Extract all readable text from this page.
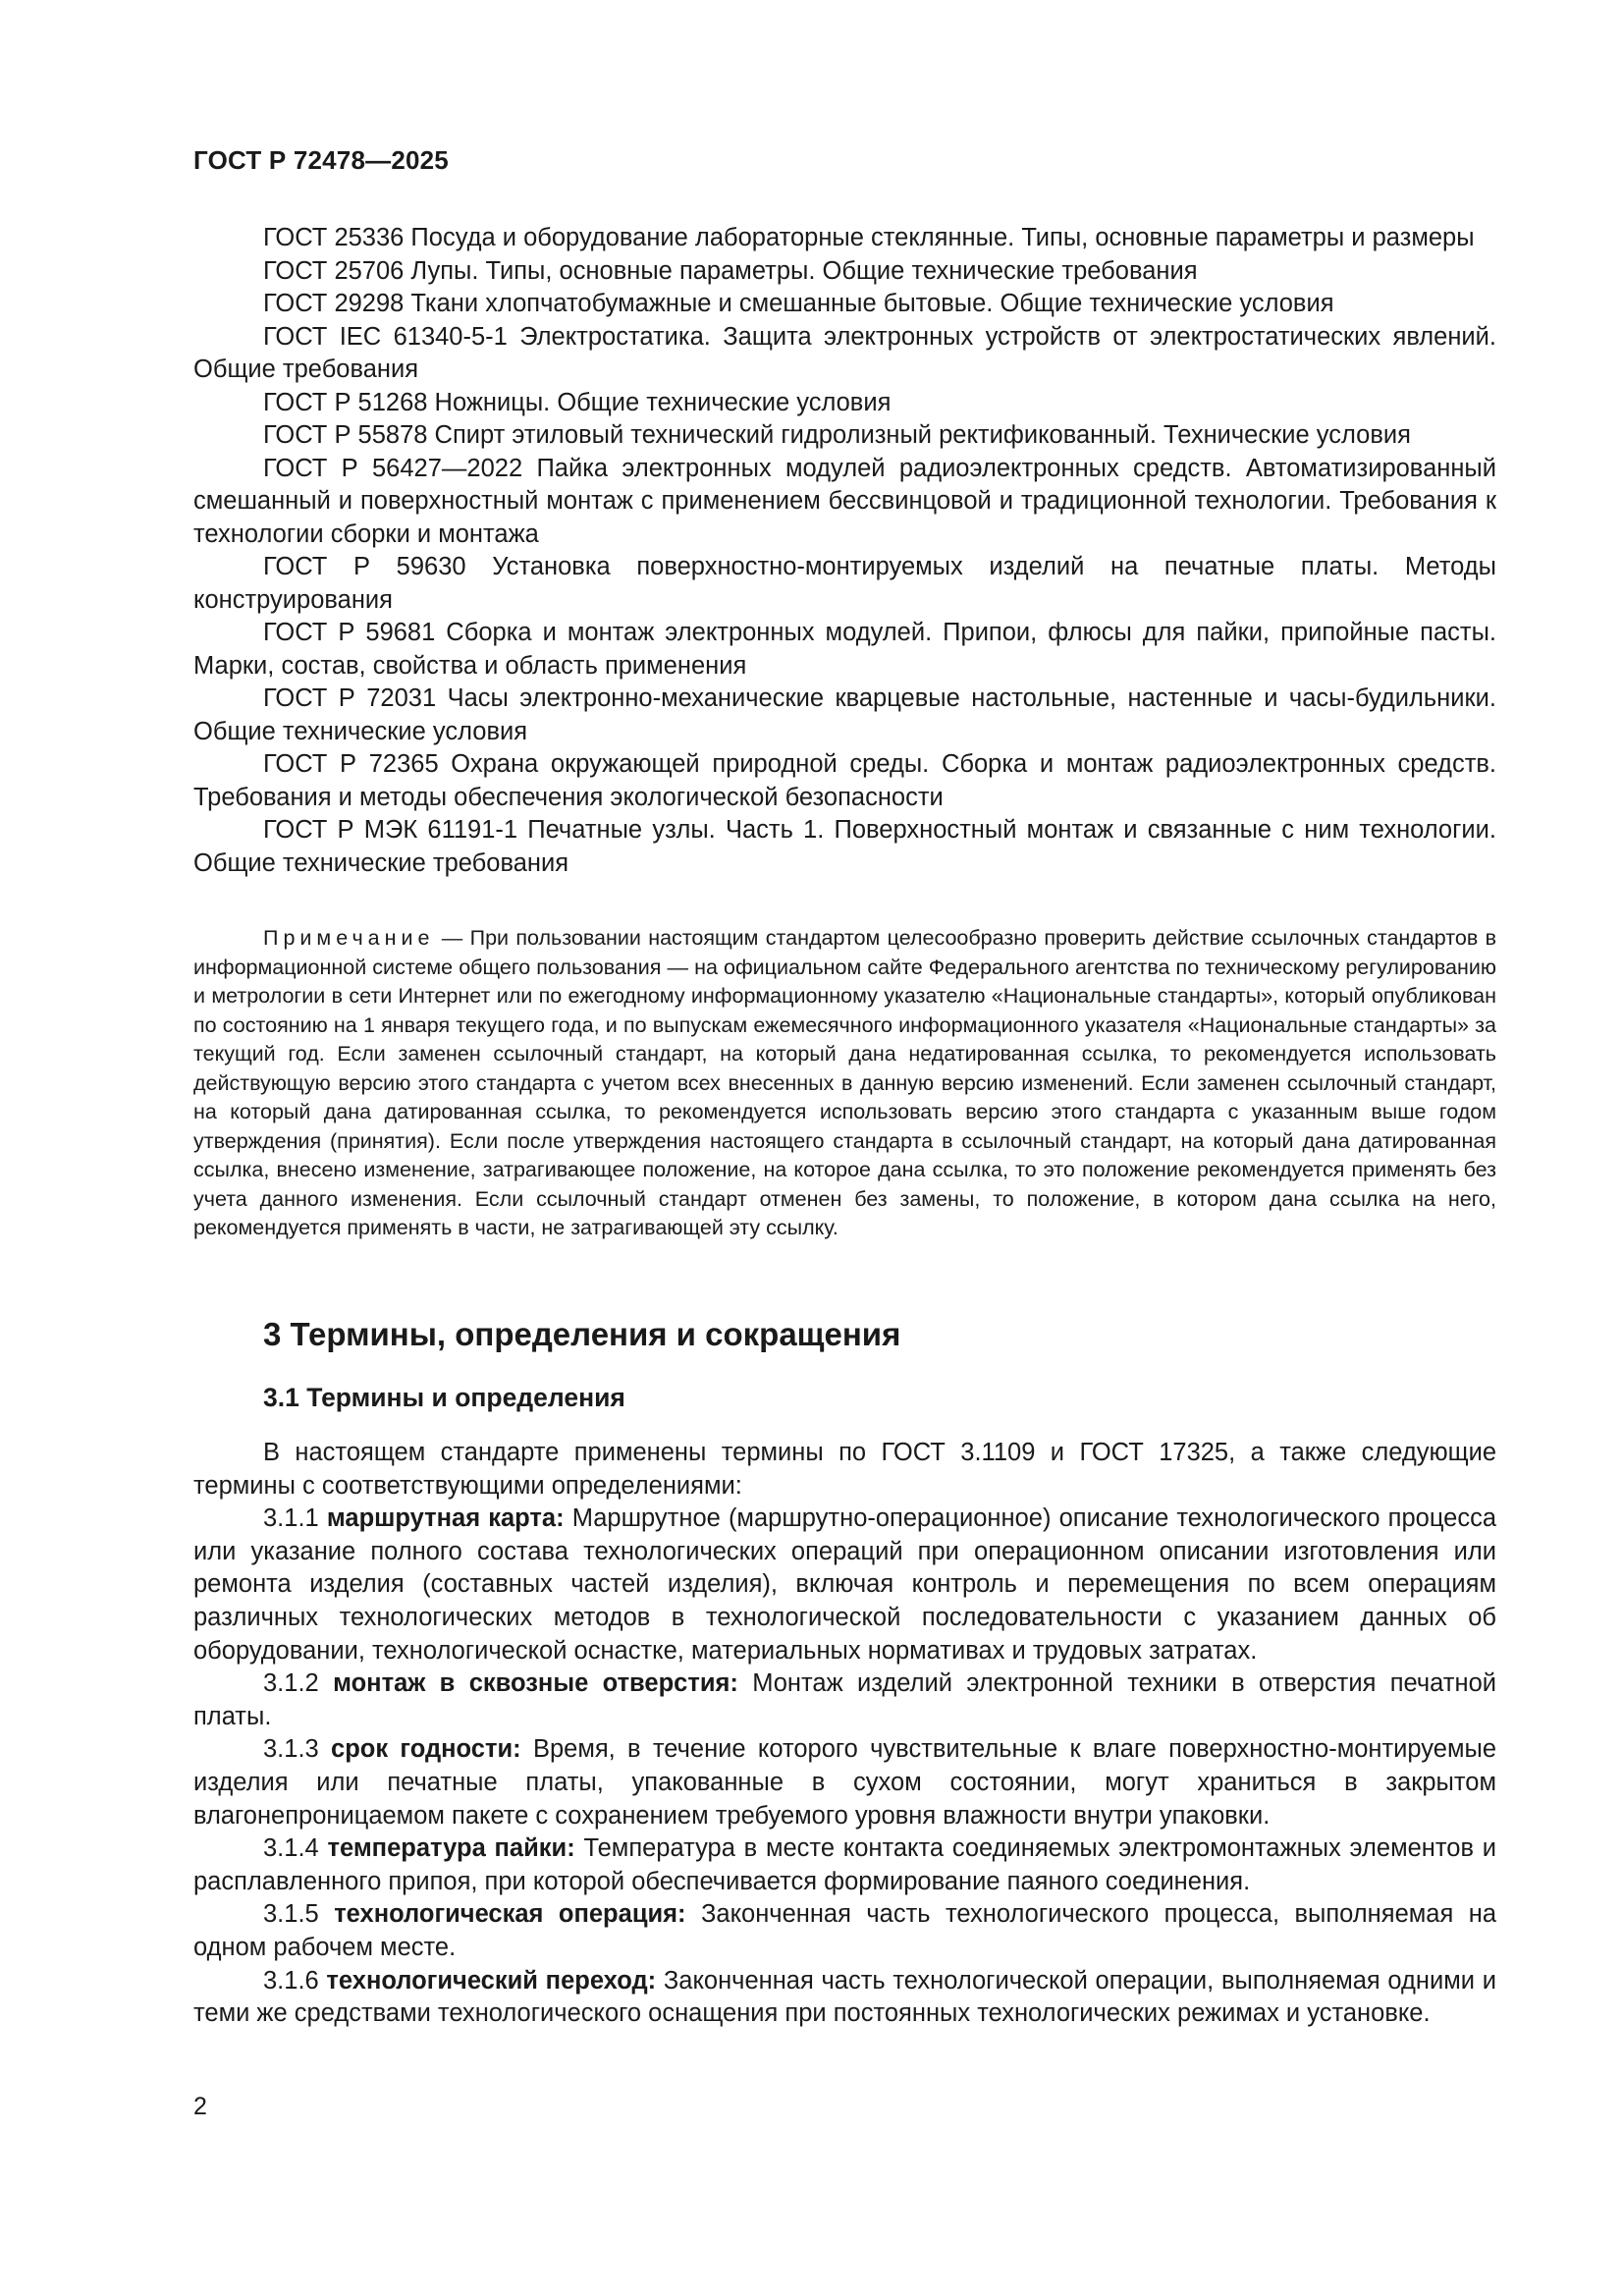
ГОСТ Р 72478—2025

ГОСТ 25336 Посуда и оборудование лабораторные стеклянные. Типы, основные параметры и размеры

ГОСТ 25706 Лупы. Типы, основные параметры. Общие технические требования

ГОСТ 29298 Ткани хлопчатобумажные и смешанные бытовые. Общие технические условия

ГОСТ IEC 61340-5-1 Электростатика. Защита электронных устройств от электростатических явлений. Общие требования

ГОСТ Р 51268 Ножницы. Общие технические условия

ГОСТ Р 55878 Спирт этиловый технический гидролизный ректификованный. Технические условия

ГОСТ Р 56427—2022 Пайка электронных модулей радиоэлектронных средств. Автоматизированный смешанный и поверхностный монтаж с применением бессвинцовой и традиционной технологии. Требования к технологии сборки и монтажа

ГОСТ Р 59630 Установка поверхностно-монтируемых изделий на печатные платы. Методы конструирования

ГОСТ Р 59681 Сборка и монтаж электронных модулей. Припои, флюсы для пайки, припойные пасты. Марки, состав, свойства и область применения

ГОСТ Р 72031 Часы электронно-механические кварцевые настольные, настенные и часы-будильники. Общие технические условия

ГОСТ Р 72365 Охрана окружающей природной среды. Сборка и монтаж радиоэлектронных средств. Требования и методы обеспечения экологической безопасности

ГОСТ Р МЭК 61191-1 Печатные узлы. Часть 1. Поверхностный монтаж и связанные с ним технологии. Общие технические требования

Примечание — При пользовании настоящим стандартом целесообразно проверить действие ссылочных стандартов в информационной системе общего пользования — на официальном сайте Федерального агентства по техническому регулированию и метрологии в сети Интернет или по ежегодному информационному указателю «Национальные стандарты», который опубликован по состоянию на 1 января текущего года, и по выпускам ежемесячного информационного указателя «Национальные стандарты» за текущий год. Если заменен ссылочный стандарт, на который дана недатированная ссылка, то рекомендуется использовать действующую версию этого стандарта с учетом всех внесенных в данную версию изменений. Если заменен ссылочный стандарт, на который дана датированная ссылка, то рекомендуется использовать версию этого стандарта с указанным выше годом утверждения (принятия). Если после утверждения настоящего стандарта в ссылочный стандарт, на который дана датированная ссылка, внесено изменение, затрагивающее положение, на которое дана ссылка, то это положение рекомендуется применять без учета данного изменения. Если ссылочный стандарт отменен без замены, то положение, в котором дана ссылка на него, рекомендуется применять в части, не затрагивающей эту ссылку.

3 Термины, определения и сокращения
3.1 Термины и определения

В настоящем стандарте применены термины по ГОСТ 3.1109 и ГОСТ 17325, а также следующие термины с соответствующими определениями:

3.1.1 маршрутная карта: Маршрутное (маршрутно-операционное) описание технологического процесса или указание полного состава технологических операций при операционном описании изготовления или ремонта изделия (составных частей изделия), включая контроль и перемещения по всем операциям различных технологических методов в технологической последовательности с указанием данных об оборудовании, технологической оснастке, материальных нормативах и трудовых затратах.

3.1.2 монтаж в сквозные отверстия: Монтаж изделий электронной техники в отверстия печатной платы.

3.1.3 срок годности: Время, в течение которого чувствительные к влаге поверхностно-монтируемые изделия или печатные платы, упакованные в сухом состоянии, могут храниться в закрытом влагонепроницаемом пакете с сохранением требуемого уровня влажности внутри упаковки.

3.1.4 температура пайки: Температура в месте контакта соединяемых электромонтажных элементов и расплавленного припоя, при которой обеспечивается формирование паяного соединения.

3.1.5 технологическая операция: Законченная часть технологического процесса, выполняемая на одном рабочем месте.

3.1.6 технологический переход: Законченная часть технологической операции, выполняемая одними и теми же средствами технологического оснащения при постоянных технологических режимах и установке.

2
